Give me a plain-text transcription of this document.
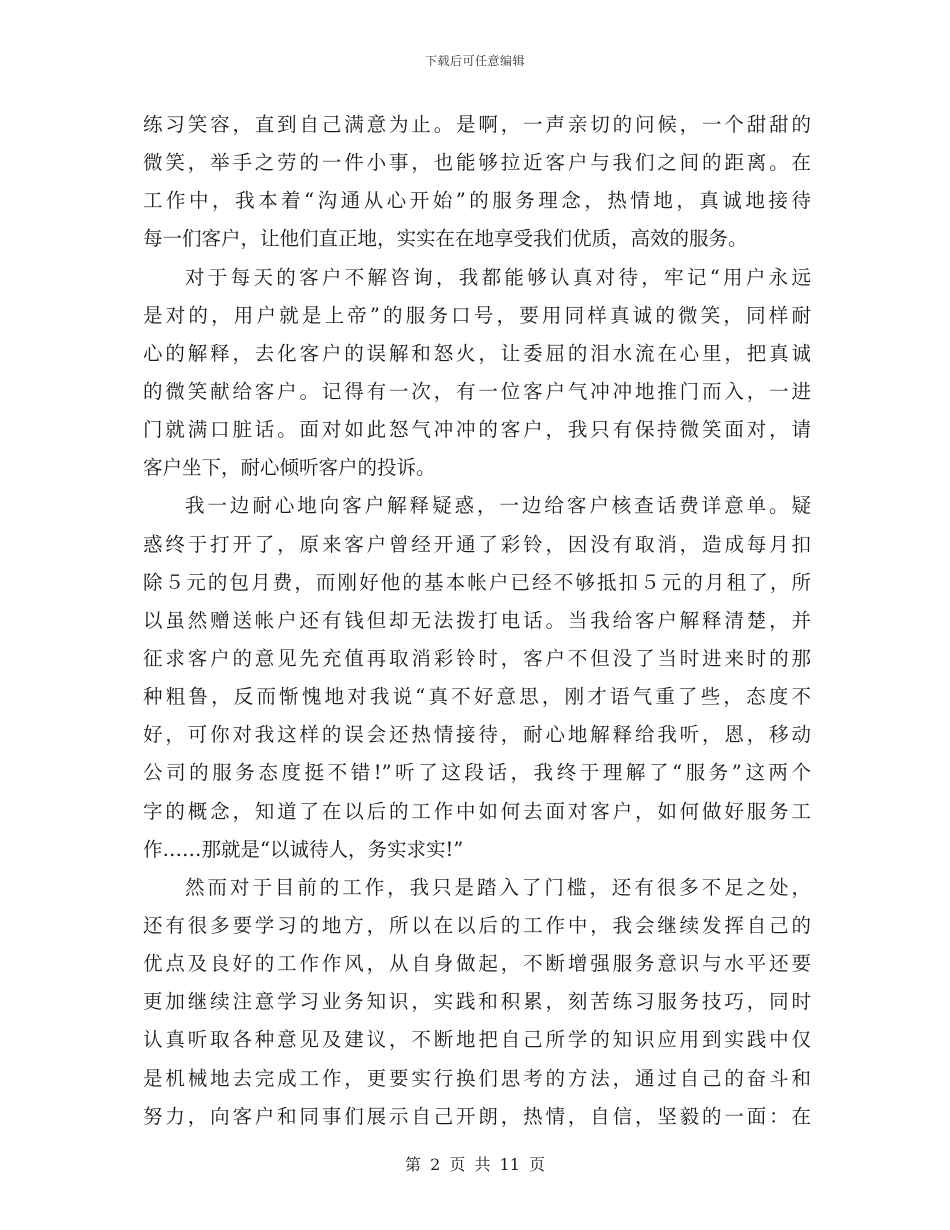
下载后可任意编辑
练习笑容，直到自己满意为止。是啊，一声亲切的问候，一个甜甜的
微笑，举手之劳的一件小事，也能够拉近客户与我们之间的距离。在
工作中，我本着“沟通从心开始”的服务理念，热情地，真诚地接待
每一们客户，让他们直正地，实实在在地享受我们优质，高效的服务。
对于每天的客户不解咨询，我都能够认真对待，牢记“用户永远
是对的，用户就是上帝”的服务口号，要用同样真诚的微笑，同样耐
心的解释，去化客户的误解和怒火，让委屈的泪水流在心里，把真诚
的微笑献给客户。记得有一次，有一位客户气冲冲地推门而入，一进
门就满口脏话。面对如此怒气冲冲的客户，我只有保持微笑面对，请
客户坐下，耐心倾听客户的投诉。
我一边耐心地向客户解释疑惑，一边给客户核查话费详意单。疑
惑终于打开了，原来客户曾经开通了彩铃，因没有取消，造成每月扣
除５元的包月费，而刚好他的基本帐户已经不够抵扣５元的月租了，所
以虽然赠送帐户还有钱但却无法拨打电话。当我给客户解释清楚，并
征求客户的意见先充值再取消彩铃时，客户不但没了当时进来时的那
种粗鲁，反而惭愧地对我说“真不好意思，刚才语气重了些，态度不
好，可你对我这样的误会还热情接待，耐心地解释给我听，恩，移动
公司的服务态度挺不错!”听了这段话，我终于理解了“服务”这两个
字的概念，知道了在以后的工作中如何去面对客户，如何做好服务工
作……那就是“以诚待人，务实求实!”
然而对于目前的工作，我只是踏入了门槛，还有很多不足之处，
还有很多要学习的地方，所以在以后的工作中，我会继续发挥自己的
优点及良好的工作作风，从自身做起，不断增强服务意识与水平还要
更加继续注意学习业务知识，实践和积累，刻苦练习服务技巧，同时
认真听取各种意见及建议，不断地把自己所学的知识应用到实践中仅
是机械地去完成工作，更要实行换们思考的方法，通过自己的奋斗和
努力，向客户和同事们展示自己开朗，热情，自信，坚毅的一面：在
第 2 页 共 11 页
